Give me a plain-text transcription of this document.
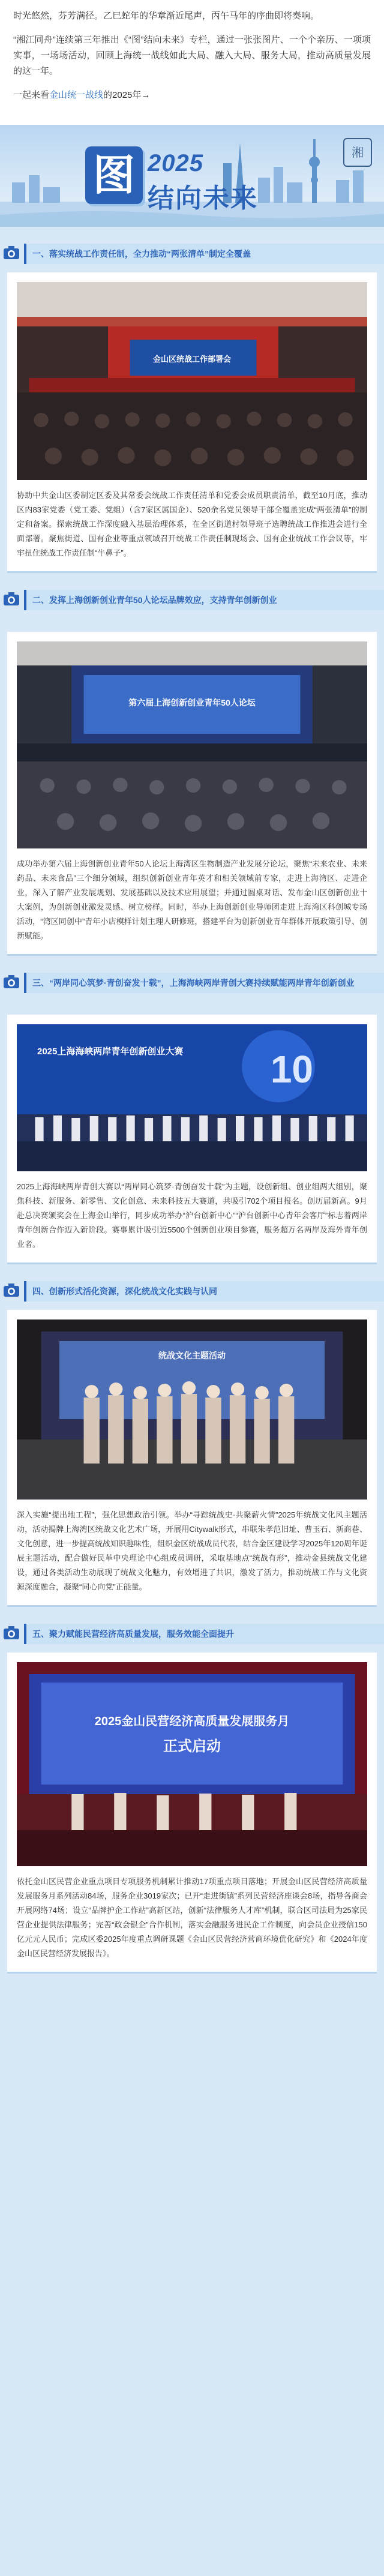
时光悠然，芬芳满径。乙巳蛇年的华章渐近尾声，丙午马年的序曲即将奏响。

“湘江同舟”连续第三年推出《“图”结向未来》专栏，通过一张张图片、一个个亲历、一项项实事，一场场活动，回顾上海统一战线如此大局、融入大局、服务大局，推动高质量发展的这一年。

一起来看金山统一战线的2025年→

图 2025
结向未来
湘
一、落实统战工作责任制，全力推动“两张清单”制定全覆盖
金山区统战工作部署会

协助中共金山区委制定区委及其常委会统战工作责任清单和党委会成员职责清单，截至10月底，推动区内83家党委（党工委、党组）（含7家区属国企）、520余名党员领导干部全覆盖完成“两张清单”的制定和备案。探索统战工作深度融入基层治理体系，在全区街道村领导班子选聘统战工作推进会进行全面部署。聚焦街道、国有企业等重点领域召开统战工作责任制现场会、国有企业统战工作会议等，牢牢扭住统战工作责任制“牛鼻子”。

二、发挥上海创新创业青年50人论坛品牌效应，支持青年创新创业
第六届上海创新创业青年50人论坛

成功举办第六届上海创新创业青年50人论坛上海湾区生物制造产业发展分论坛，聚焦“未来农业、未来药品、未来食品”三个细分领域，组织创新创业青年英才和相关领域前专家，走进上海湾区、走进企业，深入了解产业发展规划、发展基础以及技术应用展望；并通过圆桌对话、发布金山区创新创业十大案例，为创新创业激发灵感、树立榜样。同时，举办上海创新创业导师团走进上海湾区科创城专场活动，“湾区同创中”青年小店模样计划主理人研修班，搭建平台为创新创业青年群体开展政策引导、创新赋能。

三、“两岸同心筑梦·青创奋发十载”，上海海峡两岸青创大赛持续赋能两岸青年创新创业
2025上海海峡两岸青年创新创业大赛 10

2025上海海峡两岸青创大赛以“两岸同心筑梦·青创奋发十载”为主题，设创新组、创业组两大组别，聚焦科技、新服务、新零售、文化创意、未来科技五大赛道，共吸引702个项目报名。创历届新高。9月赴总决赛颁奖会在上海金山举行，同步成功举办“沪台创新中心”“沪台创新中心青年会客厅”标志着两岸青年创新合作迈入新阶段。赛事累计吸引近5500个创新创业项目参赛，服务超万名两岸及海外青年创业者。

四、创新形式活化资源，深化统战文化实践与认同
统战文化主题活动

深入实施“提出地工程”，强化思想政治引领。举办“寻踪统战史·共聚薪火情”2025年统战文化风主题活动，活动揭牌上海湾区统战文化艺术广场，开展用Citywalk形式，串联朱孝范旧址、曹玉石、新商巷、文化创意，进一步提高统战知识趣味性，组织金区统战成员代表，结合金区建设学习2025年120周年诞辰主题活动，配合做好民革中央理论中心组成员调研，采取基地点“统战有形”，推动金县统战文化建设，通过各类活动生动展现了统战文化魅力，有效增进了共识，激发了活力，推动统战工作与文化资源深度融合，凝聚“同心向党”正能量。

五、聚力赋能民营经济高质量发展，服务效能全面提升
2025金山民营经济高质量发展服务月
正式启动

依托金山区民营企业重点项目专项服务机制累计推动17项重点项目落地；开展金山区民营经济高质量发展服务月系列活动84场，服务企业3019家次；已开“走进街镇”系列民营经济座谈会8场，指导各商会开展网络74场；设立“品牌护企工作站”高新区站，创新“法律服务人才库”机制，联合区司法局为25家民营企业提供法律服务；完善“政会银企”合作机制，落实金融服务进民企工作制度，向会员企业授信150亿元元人民币；完成区委2025年度重点调研课题《金山区民营经济营商环境优化研究》和《2024年度金山区民营经济发展报告》。
